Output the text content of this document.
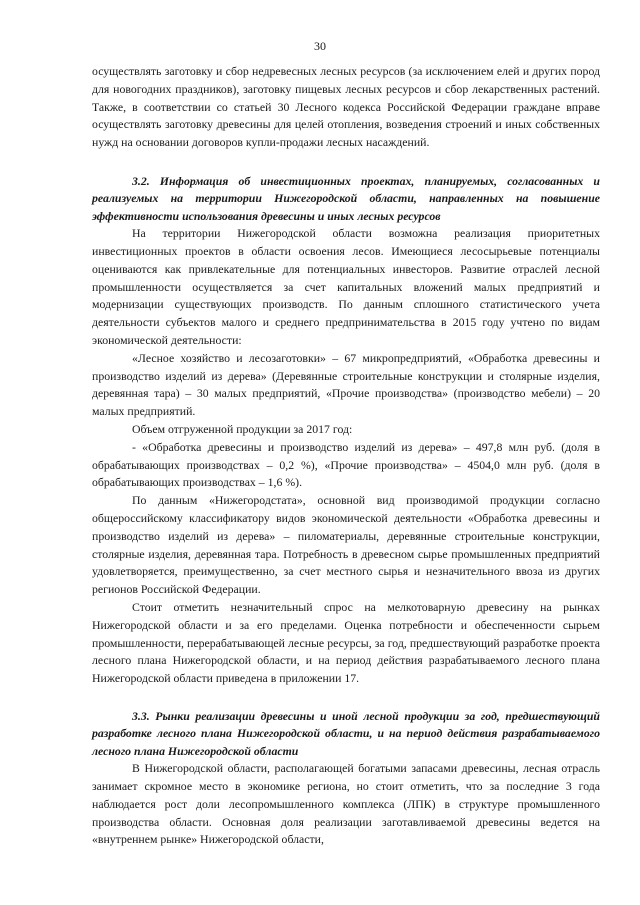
30

осуществлять заготовку и сбор недревесных лесных ресурсов (за исключением елей и других пород для новогодних праздников), заготовку пищевых лесных ресурсов и сбор лекарственных растений. Также, в соответствии со статьей 30 Лесного кодекса Российской Федерации граждане вправе осуществлять заготовку древесины для целей отопления, возведения строений и иных собственных нужд на основании договоров купли-продажи лесных насаждений.

3.2. Информация об инвестиционных проектах, планируемых, согласованных и реализуемых на территории Нижегородской области, направленных на повышение эффективности использования древесины и иных лесных ресурсов

На территории Нижегородской области возможна реализация приоритетных инвестиционных проектов в области освоения лесов. Имеющиеся лесосырьевые потенциалы оцениваются как привлекательные для потенциальных инвесторов. Развитие отраслей лесной промышленности осуществляется за счет капитальных вложений малых предприятий и модернизации существующих производств. По данным сплошного статистического учета деятельности субъектов малого и среднего предпринимательства в 2015 году учтено по видам экономической деятельности:

«Лесное хозяйство и лесозаготовки» – 67 микропредприятий, «Обработка древесины и производство изделий из дерева» (Деревянные строительные конструкции и столярные изделия, деревянная тара) – 30 малых предприятий, «Прочие производства» (производство мебели) – 20 малых предприятий.

Объем отгруженной продукции за 2017 год:

- «Обработка древесины и производство изделий из дерева» – 497,8 млн руб. (доля в обрабатывающих производствах – 0,2 %), «Прочие производства» – 4504,0 млн руб. (доля в обрабатывающих производствах – 1,6 %).

По данным «Нижегородстата», основной вид производимой продукции согласно общероссийскому классификатору видов экономической деятельности «Обработка древесины и производство изделий из дерева» – пиломатериалы, деревянные строительные конструкции, столярные изделия, деревянная тара. Потребность в древесном сырье промышленных предприятий удовлетворяется, преимущественно, за счет местного сырья и незначительного ввоза из других регионов Российской Федерации.

Стоит отметить незначительный спрос на мелкотоварную древесину на рынках Нижегородской области и за его пределами. Оценка потребности и обеспеченности сырьем промышленности, перерабатывающей лесные ресурсы, за год, предшествующий разработке проекта лесного плана Нижегородской области, и на период действия разрабатываемого лесного плана Нижегородской области приведена в приложении 17.

3.3. Рынки реализации древесины и иной лесной продукции за год, предшествующий разработке лесного плана Нижегородской области, и на период действия разрабатываемого лесного плана Нижегородской области

В Нижегородской области, располагающей богатыми запасами древесины, лесная отрасль занимает скромное место в экономике региона, но стоит отметить, что за последние 3 года наблюдается рост доли лесопромышленного комплекса (ЛПК) в структуре промышленного производства области. Основная доля реализации заготавливаемой древесины ведется на «внутреннем рынке» Нижегородской области,
